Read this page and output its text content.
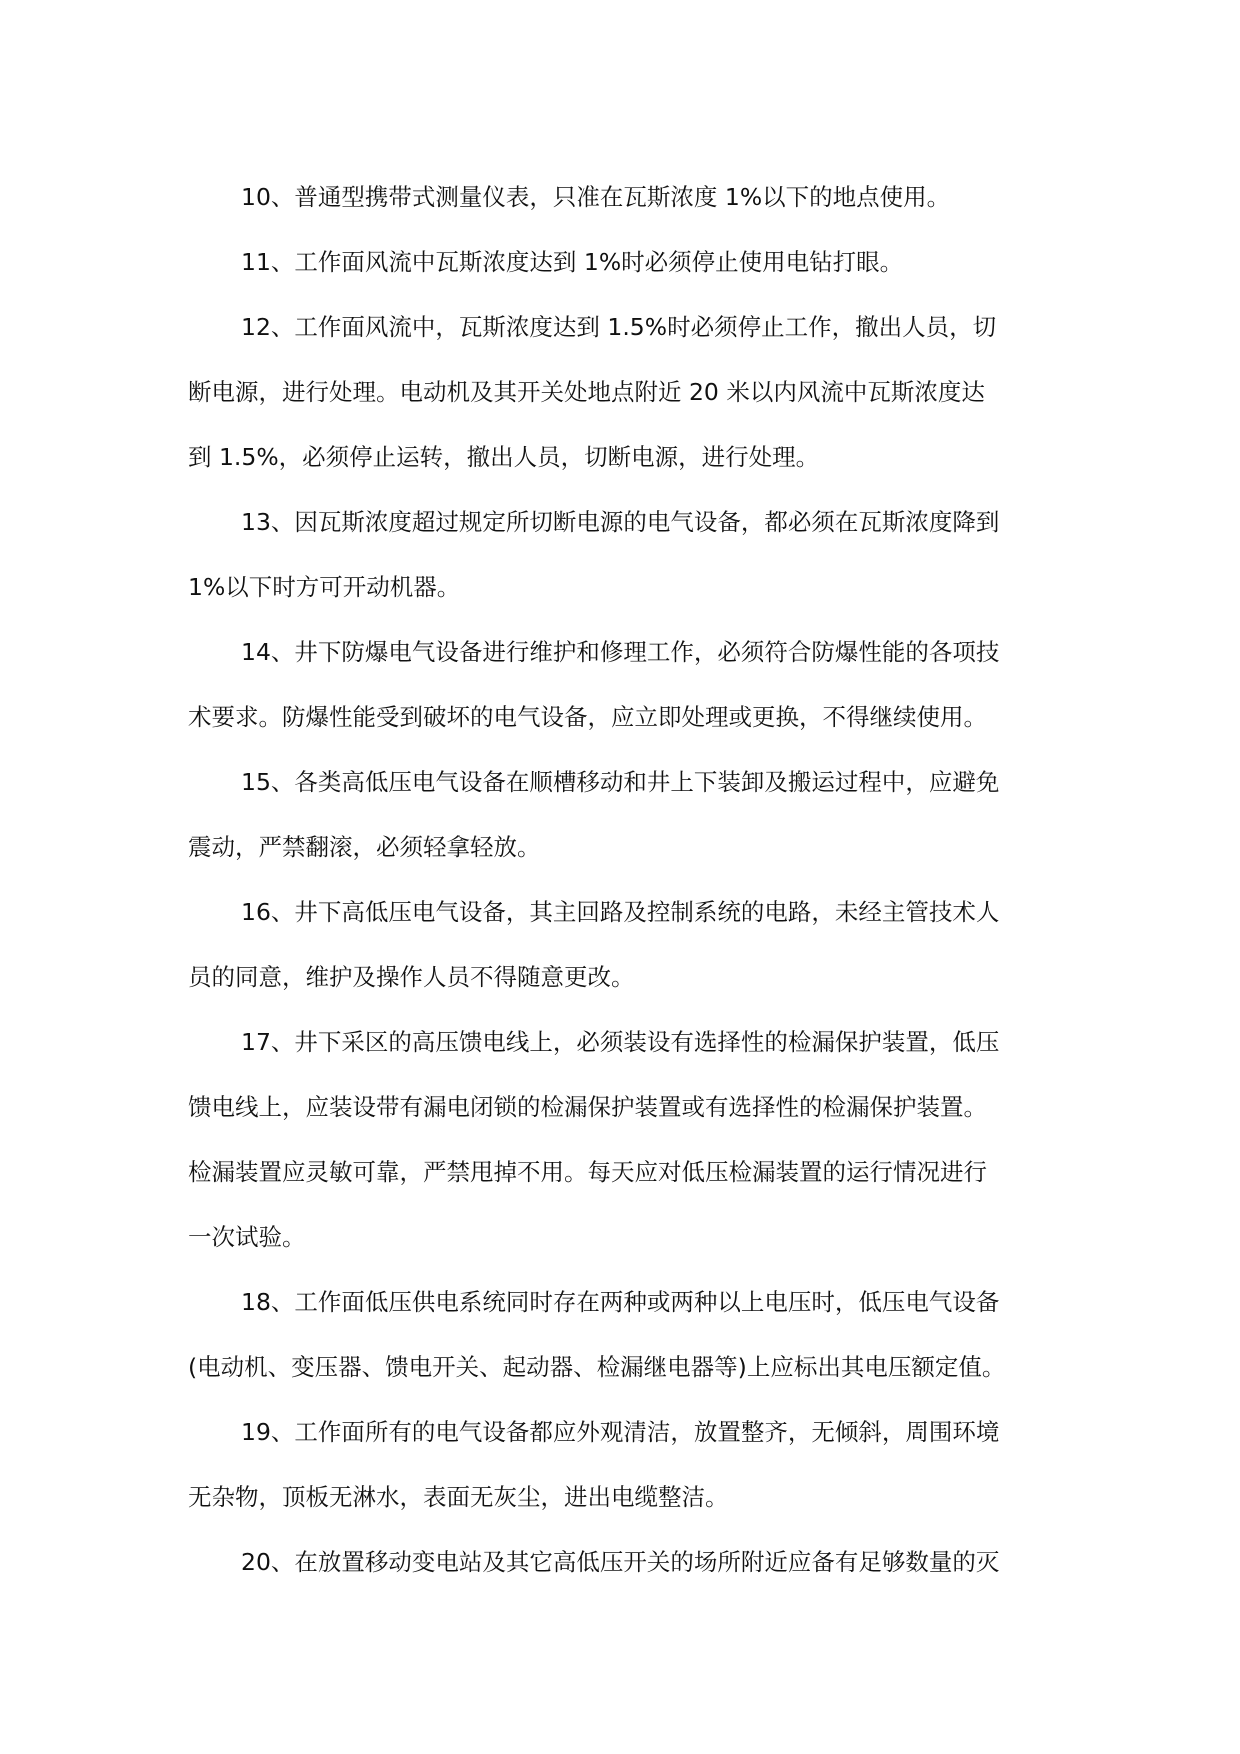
10、普通型携带式测量仪表，只准在瓦斯浓度 1%以下的地点使用。

11、工作面风流中瓦斯浓度达到 1%时必须停止使用电钻打眼。

12、工作面风流中，瓦斯浓度达到 1.5%时必须停止工作，撤出人员，切
断电源，进行处理。电动机及其开关处地点附近 20 米以内风流中瓦斯浓度达
到 1.5%，必须停止运转，撤出人员，切断电源，进行处理。

13、因瓦斯浓度超过规定所切断电源的电气设备，都必须在瓦斯浓度降到
1%以下时方可开动机器。

14、井下防爆电气设备进行维护和修理工作，必须符合防爆性能的各项技
术要求。防爆性能受到破坏的电气设备，应立即处理或更换，不得继续使用。

15、各类高低压电气设备在顺槽移动和井上下装卸及搬运过程中，应避免
震动，严禁翻滚，必须轻拿轻放。

16、井下高低压电气设备，其主回路及控制系统的电路，未经主管技术人
员的同意，维护及操作人员不得随意更改。

17、井下采区的高压馈电线上，必须装设有选择性的检漏保护装置，低压
馈电线上，应装设带有漏电闭锁的检漏保护装置或有选择性的检漏保护装置。
检漏装置应灵敏可靠，严禁甩掉不用。每天应对低压检漏装置的运行情况进行
一次试验。

18、工作面低压供电系统同时存在两种或两种以上电压时，低压电气设备
(电动机、变压器、馈电开关、起动器、检漏继电器等)上应标出其电压额定值。

19、工作面所有的电气设备都应外观清洁，放置整齐，无倾斜，周围环境
无杂物，顶板无淋水，表面无灰尘，进出电缆整洁。

20、在放置移动变电站及其它高低压开关的场所附近应备有足够数量的灭
